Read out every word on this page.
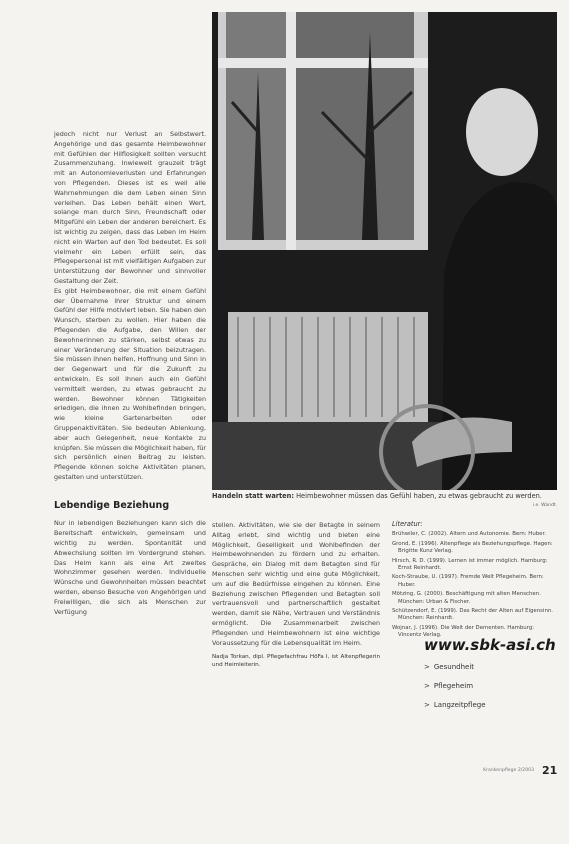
Handeln statt warten: Heimbewohner müssen das Gefühl haben, zu etwas gebraucht zu werden.
i.e. Wandt.

jedoch nicht nur Verlust an Selbstwert. Angehörige und das gesamte Heimbewohner mit Gefühlen der Hilflosigkeit sollten versucht Zusammenzuhang. Inwieweit grauzeit trägt mit an Autonomieverlusten und Erfahrungen von Pflegenden. Dieses ist es weil alle Wahrnehmungen die dem Leben einen Sinn verleihen. Das Leben behält einen Wert, solange man durch Sinn, Freundschaft oder Mitgefühl ein Leben der anderen bereichert. Es ist wichtig zu zeigen, dass das Leben im Heim nicht ein Warten auf den Tod bedeutet. Es soll vielmehr ein Leben erfüllt sein, das Pflegepersonal ist mit vielfältigen Aufgaben zur Unterstützung der Bewohner und sinnvoller Gestaltung der Zeit.

Es gibt Heimbewohner, die mit einem Gefühl der Übernahme ihrer Struktur und einem Gefühl der Hilfe motiviert leben. Sie haben den Wunsch, sterben zu wollen. Hier haben die Pflegenden die Aufgabe, den Willen der Bewohnerinnen zu stärken, selbst etwas zu einer Veränderung der Situation beizutragen. Sie müssen ihnen helfen, Hoffnung und Sinn in der Gegenwart und für die Zukunft zu entwickeln. Es soll ihnen auch ein Gefühl vermittelt werden, zu etwas gebraucht zu werden. Bewohner können Tätigkeiten erledigen, die ihnen zu Wohlbefinden bringen, wie kleine Gartenarbeiten oder Gruppenaktivitäten. Sie bedeuten Ablenkung, aber auch Gelegenheit, neue Kontakte zu knüpfen. Sie müssen die Möglichkeit haben, für sich persönlich einen Beitrag zu leisten. Pflegende können solche Aktivitäten planen, gestalten und unterstützen.

Lebendige Beziehung

Nur in lebendigen Beziehungen kann sich die Bereitschaft entwickeln, gemeinsam und wichtig zu werden. Spontanität und Abwechslung sollten im Vordergrund stehen. Das Heim kann als eine Art zweites Wohnzimmer gesehen werden. Individuelle Wünsche und Gewohnheiten müssen beachtet werden, ebenso Besuche von Angehörigen und Freiwilligen, die sich als Menschen zur Verfügung

stellen. Aktivitäten, wie sie der Betagte in seinem Alltag erlebt, sind wichtig und bieten eine Möglichkeit, Geselligkeit und Wohlbefinden der Heimbewohnenden zu fördern und zu erhalten. Gespräche, ein Dialog mit dem Betagten sind für Menschen sehr wichtig und eine gute Möglichkeit, um auf die Bedürfnisse eingehen zu können. Eine Beziehung zwischen Pflegenden und Betagten soll vertrauensvoll und partnerschaftlich gestaltet werden, damit sie Nähe, Vertrauen und Verständnis ermöglicht. Die Zusammenarbeit zwischen Pflegenden und Heimbewohnern ist eine wichtige Voraussetzung für die Lebensqualität im Heim.

Nadja Torkan, dipl. Pflegefachfrau HöFa I, ist Altenpflegerin und Heimleiterin.

Literatur:
Brühwiler, C. (2002). Altern und Autonomie. Bern: Huber.
Grond, E. (1996). Altenpflege als Beziehungspflege. Hagen: Brigitte Kunz Verlag.
Hirsch, R. D. (1999). Lernen ist immer möglich. Hamburg: Ernst Reinhardt.
Koch-Straube, U. (1997). Fremde Welt Pflegeheim. Bern: Huber.
Mötzing, G. (2000). Beschäftigung mit alten Menschen. München: Urban & Fischer.
Schützendorf, E. (1999). Das Recht der Alten auf Eigensinn. München: Reinhardt.
Wojnar, J. (1996). Die Welt der Dementen. Hamburg: Vincentz Verlag.
www.sbk-asi.ch
> Gesundheit
> Pflegeheim
> Langzeitpflege
Krankenpflege 2/2003 21
